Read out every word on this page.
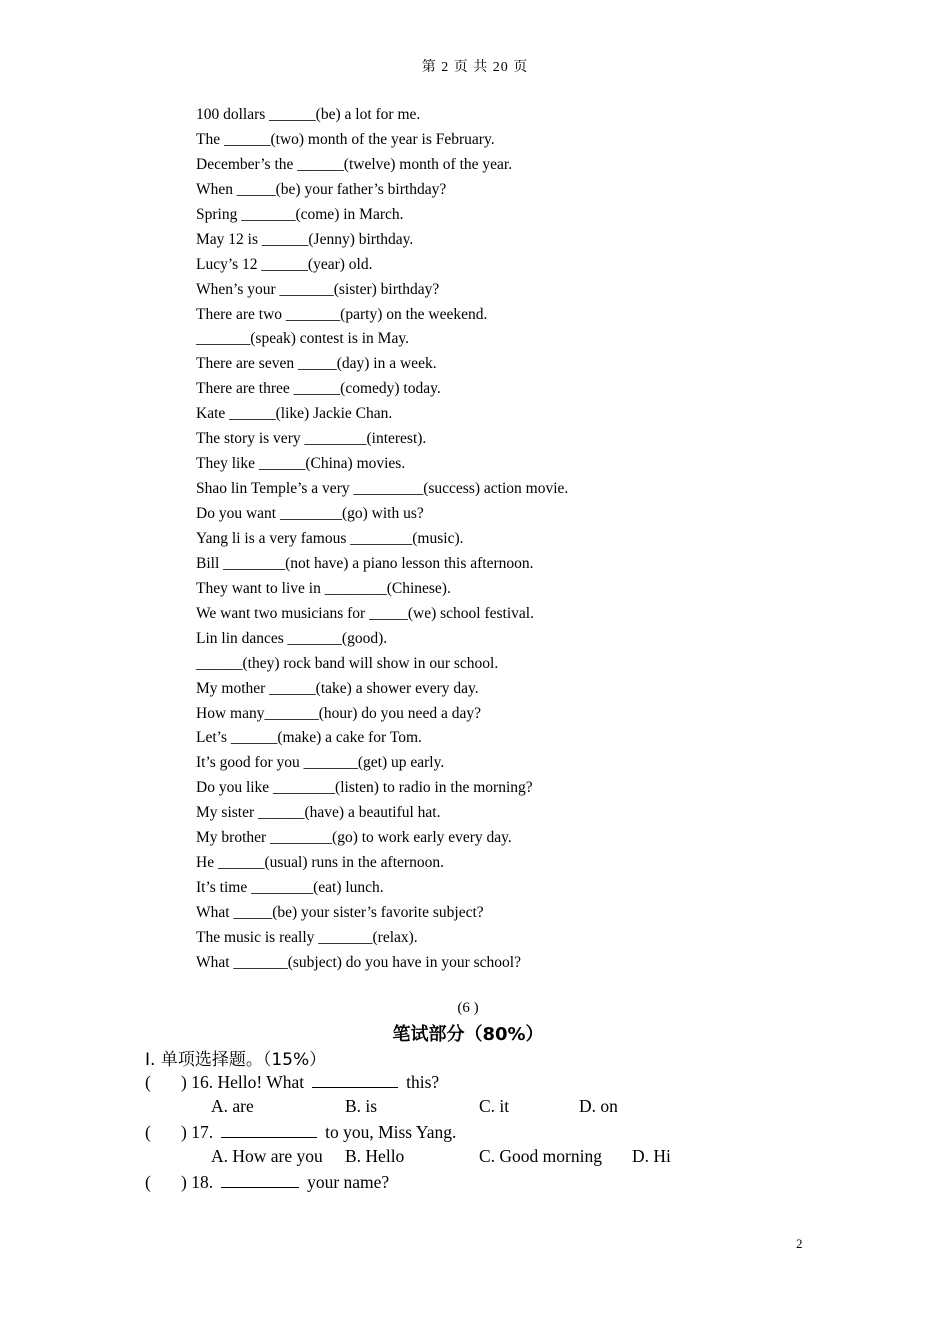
第 2 页 共 20 页
100 dollars ______(be) a lot for me.
The ______(two) month of the year is February.
December’s the ______(twelve) month of the year.
When _____(be) your father’s birthday?
Spring _______(come) in March.
May 12 is ______(Jenny) birthday.
Lucy’s 12 ______(year) old.
When’s your _______(sister) birthday?
There are two _______(party) on the weekend.
_______(speak) contest is in May.
There are seven _____(day) in a week.
There are three ______(comedy) today.
Kate ______(like) Jackie Chan.
The story is very ________(interest).
They like ______(China) movies.
Shao lin Temple’s a very _________(success) action movie.
Do you want ________(go) with us?
Yang li is a very famous ________(music).
Bill ________(not have) a piano lesson this afternoon.
They want to live in ________(Chinese).
We want two musicians for _____(we) school festival.
Lin lin dances _______(good).
______(they) rock band will show in our school.
My mother ______(take) a shower every day.
How many_______(hour) do you need a day?
Let’s ______(make) a cake for Tom.
It’s good for you _______(get) up early.
Do you like ________(listen) to radio in the morning?
My sister ______(have) a beautiful hat.
My brother ________(go) to work early every day.
He ______(usual) runs in the afternoon.
It’s time ________(eat) lunch.
What _____(be) your sister’s favorite subject?
The music is really _______(relax).
What _______(subject) do you have in your school?
(6 )
笔试部分（80%）
I. 单项选择题。（15%）
( ) 16. Hello! What	this?
A. are	B. is	C. it	D. on
( ) 17.	to you, Miss Yang.
A. How are you B. Hello	C. Good morning D. Hi
( ) 18.	your name?
2
